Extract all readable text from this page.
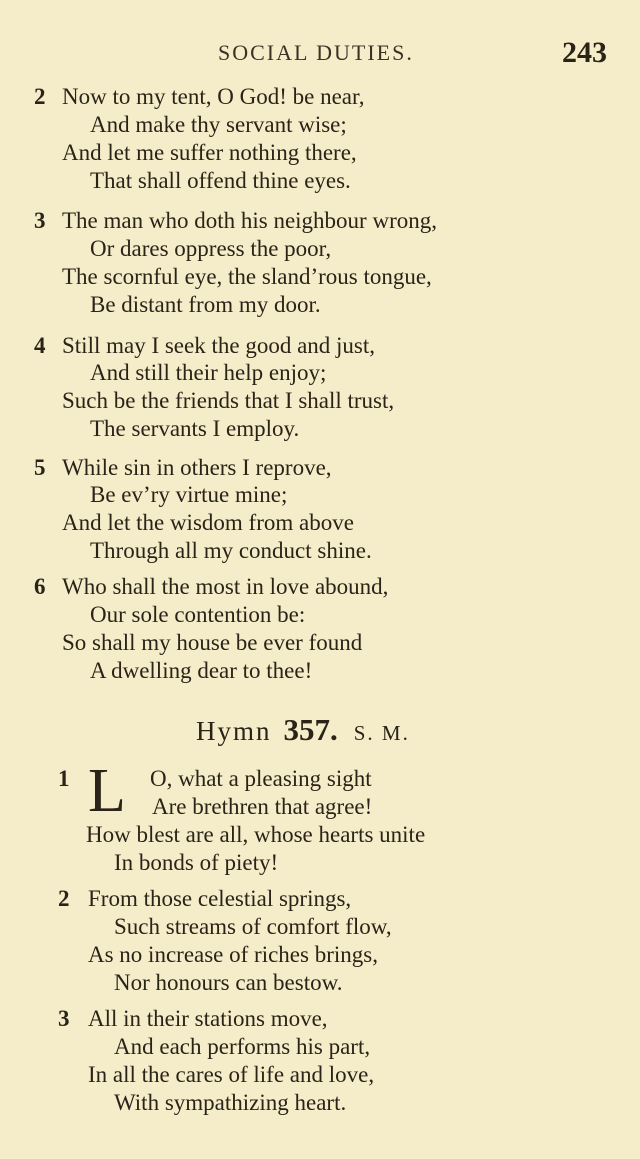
SOCIAL DUTIES.	243
2 Now to my tent, O God! be near,
And make thy servant wise;
And let me suffer nothing there,
That shall offend thine eyes.
3 The man who doth his neighbour wrong,
Or dares oppress the poor,
The scornful eye, the sland’rous tongue,
Be distant from my door.
4 Still may I seek the good and just,
And still their help enjoy;
Such be the friends that I shall trust,
The servants I employ.
5 While sin in others I reprove,
Be ev’ry virtue mine;
And let the wisdom from above
Through all my conduct shine.
6 Who shall the most in love abound,
Our sole contention be:
So shall my house be ever found
A dwelling dear to thee!
Hymn 357. S. M.
1 L O, what a pleasing sight
Are brethren that agree!
How blest are all, whose hearts unite
In bonds of piety!
2 From those celestial springs,
Such streams of comfort flow,
As no increase of riches brings,
Nor honours can bestow.
3 All in their stations move,
And each performs his part,
In all the cares of life and love,
With sympathizing heart.
